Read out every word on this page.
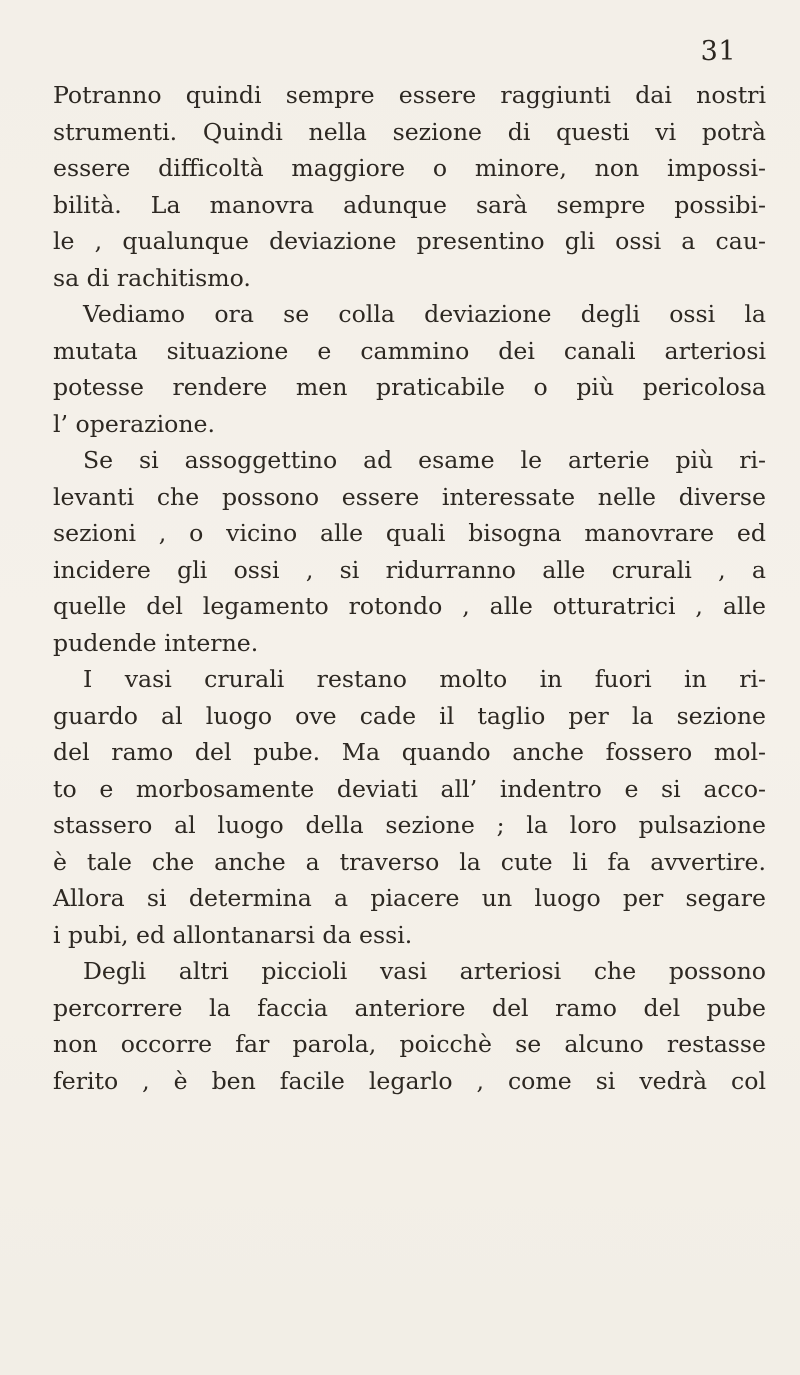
31
Potranno quindi sempre essere raggiunti dai nostri
strumenti. Quindi nella sezione di questi vi potrà
essere difficoltà maggiore o minore, non impossi-
bilità. La manovra adunque sarà sempre possibi-
le , qualunque deviazione presentino gli ossi a cau-
sa di rachitismo.
Vediamo ora se colla deviazione degli ossi la
mutata situazione e cammino dei canali arteriosi
potesse rendere men praticabile o più pericolosa
l’ operazione.
Se si assoggettino ad esame le arterie più ri-
levanti che possono essere interessate nelle diverse
sezioni , o vicino alle quali bisogna manovrare ed
incidere gli ossi , si ridurranno alle crurali , a
quelle del legamento rotondo , alle otturatrici , alle
pudende interne.
I vasi crurali restano molto in fuori in ri-
guardo al luogo ove cade il taglio per la sezione
del ramo del pube. Ma quando anche fossero mol-
to e morbosamente deviati all’ indentro e si acco-
stassero al luogo della sezione ; la loro pulsazione
è tale che anche a traverso la cute li fa avvertire.
Allora si determina a piacere un luogo per segare
i pubi, ed allontanarsi da essi.
Degli altri piccioli vasi arteriosi che possono
percorrere la faccia anteriore del ramo del pube
non occorre far parola, poicchè se alcuno restasse
ferito , è ben facile legarlo , come si vedrà col
